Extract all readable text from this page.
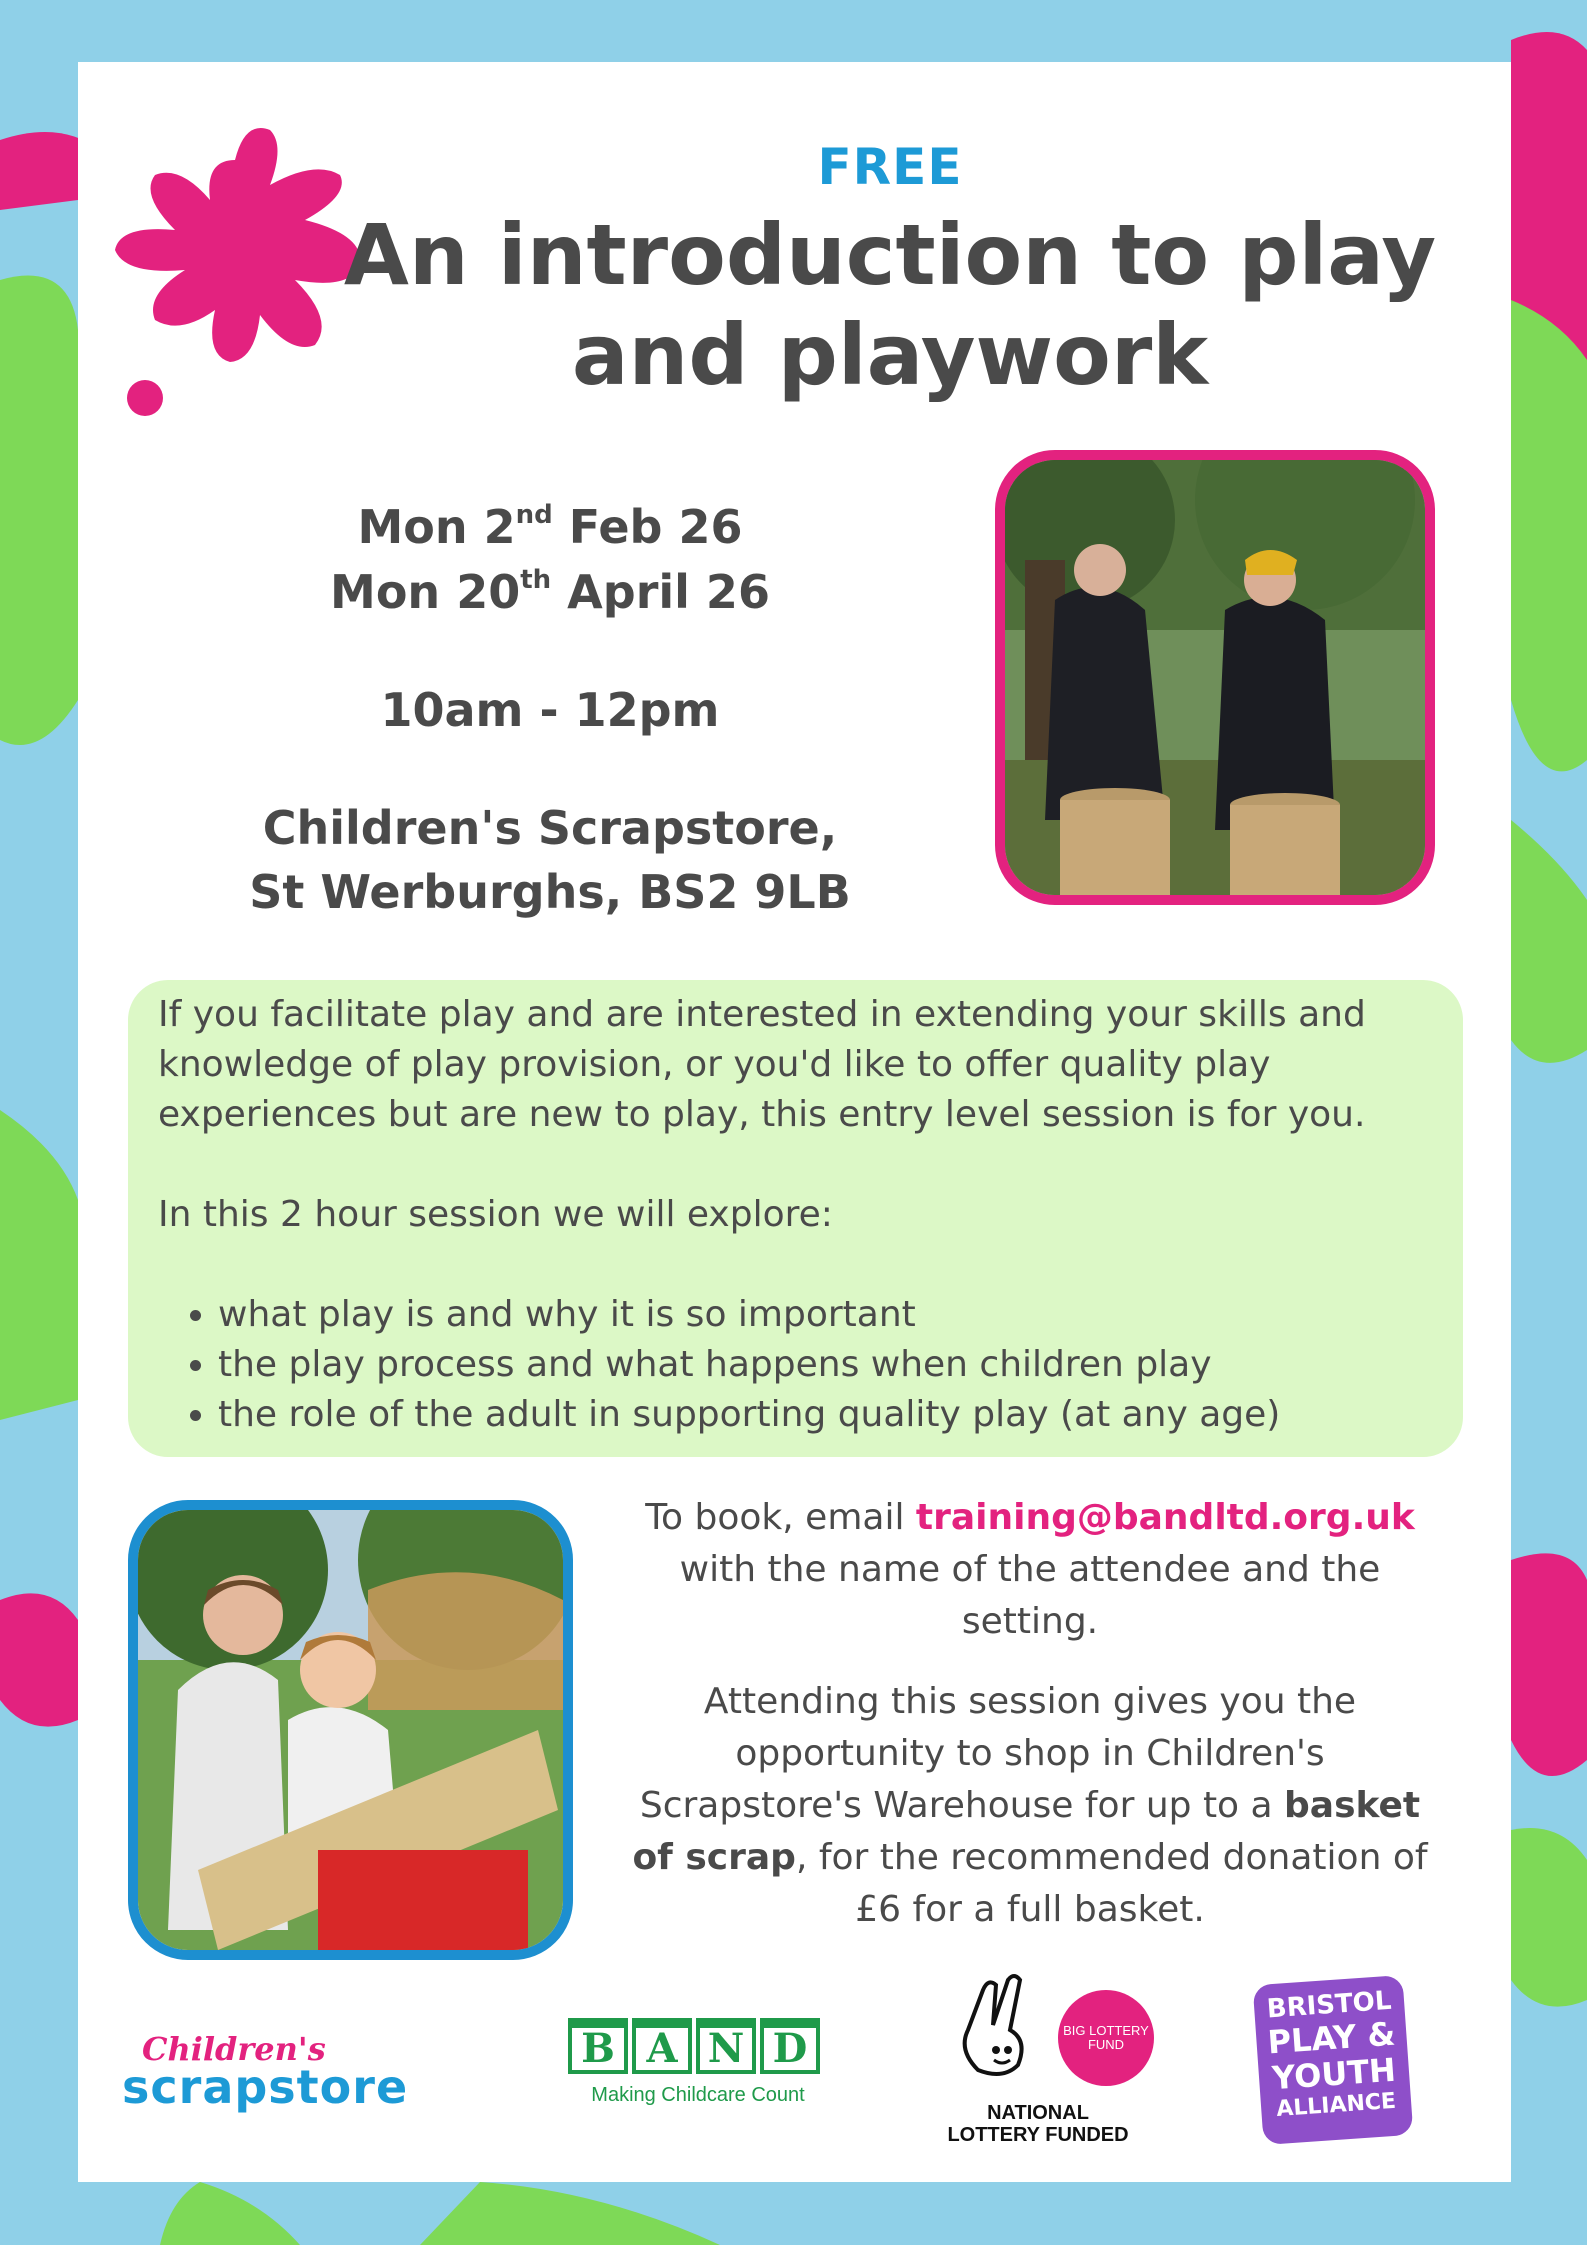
FREE
An introduction to play and playwork
Mon 2nd Feb 26
Mon 20th April 26
10am - 12pm
Children's Scrapstore,
St Werburghs, BS2 9LB

If you facilitate play and are interested in extending your skills and knowledge of play provision, or you'd like to offer quality play experiences but are new to play, this entry level session is for you.

In this 2 hour session we will explore:

• what play is and why it is so important
• the play process and what happens when children play
• the role of the adult in supporting quality play (at any age)

To book, email training@bandltd.org.uk with the name of the attendee and the setting.

Attending this session gives you the opportunity to shop in Children's Scrapstore's Warehouse for up to a basket of scrap, for the recommended donation of £6 for a full basket.

Children's
scrapstore
B A N D
Making Childcare Count
BIG LOTTERY FUND
NATIONAL
LOTTERY FUNDED
BRISTOL
PLAY &
YOUTH
ALLIANCE
